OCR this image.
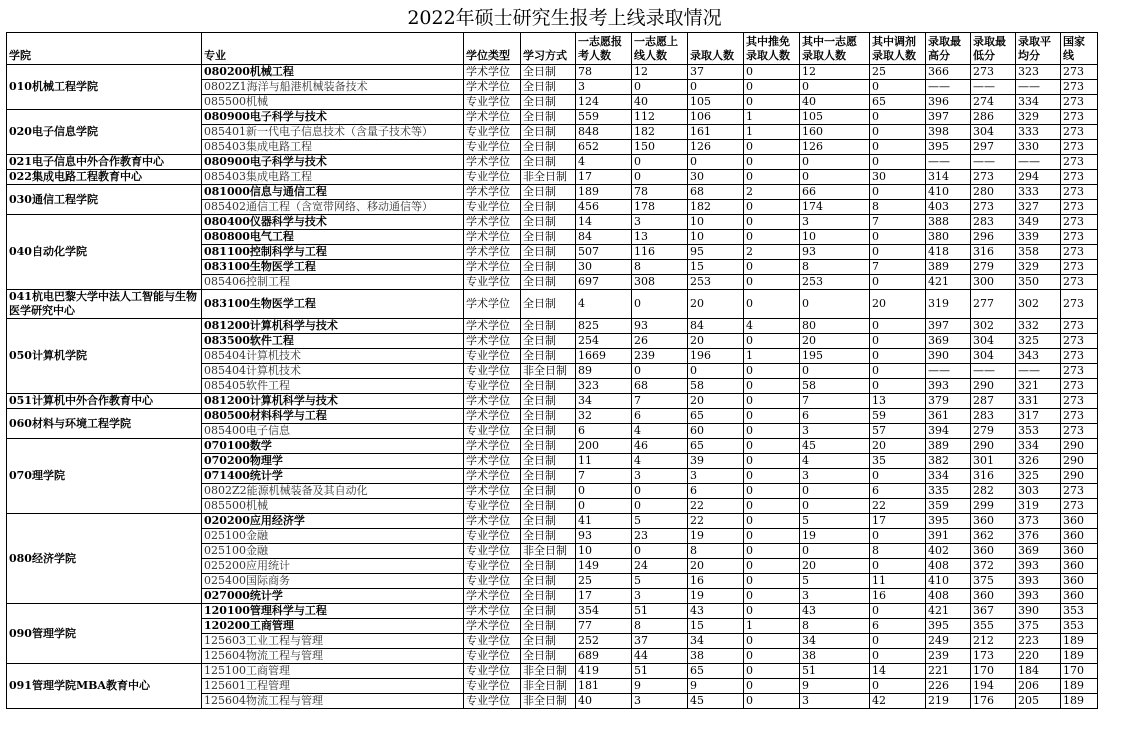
2022年硕士研究生报考上线录取情况
学院	专业	学位类型	学习方式	一志愿报考人数	一志愿上线人数	录取人数	其中推免录取人数	其中一志愿录取人数	其中调剂录取人数	录取最高分	录取最低分	录取平均分	国家线
010机械工程学院	080200机械工程	学术学位	全日制	78	12	37	0	12	25	366	273	323	273
	0802Z1海洋与船港机械装备技术	学术学位	全日制	3	0	0	0	0	0	——	——	——	273
	085500机械	专业学位	全日制	124	40	105	0	40	65	396	274	334	273
020电子信息学院	080900电子科学与技术	学术学位	全日制	559	112	106	1	105	0	397	286	329	273
	085401新一代电子信息技术（含量子技术等）	专业学位	全日制	848	182	161	1	160	0	398	304	333	273
	085403集成电路工程	专业学位	全日制	652	150	126	0	126	0	395	297	330	273
021电子信息中外合作教育中心	080900电子科学与技术	学术学位	全日制	4	0	0	0	0	0	——	——	——	273
022集成电路工程教育中心	085403集成电路工程	专业学位	非全日制	17	0	30	0	0	30	314	273	294	273
030通信工程学院	081000信息与通信工程	学术学位	全日制	189	78	68	2	66	0	410	280	333	273
	085402通信工程（含宽带网络、移动通信等）	专业学位	全日制	456	178	182	0	174	8	403	273	327	273
040自动化学院	080400仪器科学与技术	学术学位	全日制	14	3	10	0	3	7	388	283	349	273
	080800电气工程	学术学位	全日制	84	13	10	0	10	0	380	296	339	273
	081100控制科学与工程	学术学位	全日制	507	116	95	2	93	0	418	316	358	273
	083100生物医学工程	学术学位	全日制	30	8	15	0	8	7	389	279	329	273
	085406控制工程	专业学位	全日制	697	308	253	0	253	0	421	300	350	273
041杭电巴黎大学中法人工智能与生物医学研究中心	083100生物医学工程	学术学位	全日制	4	0	20	0	0	20	319	277	302	273
050计算机学院	081200计算机科学与技术	学术学位	全日制	825	93	84	4	80	0	397	302	332	273
	083500软件工程	学术学位	全日制	254	26	20	0	20	0	369	304	325	273
	085404计算机技术	专业学位	全日制	1669	239	196	1	195	0	390	304	343	273
	085404计算机技术	专业学位	非全日制	89	0	0	0	0	0	——	——	——	273
	085405软件工程	专业学位	全日制	323	68	58	0	58	0	393	290	321	273
051计算机中外合作教育中心	081200计算机科学与技术	学术学位	全日制	34	7	20	0	7	13	379	287	331	273
060材料与环境工程学院	080500材料科学与工程	学术学位	全日制	32	6	65	0	6	59	361	283	317	273
	085400电子信息	专业学位	全日制	6	4	60	0	3	57	394	279	353	273
070理学院	070100数学	学术学位	全日制	200	46	65	0	45	20	389	290	334	290
	070200物理学	学术学位	全日制	11	4	39	0	4	35	382	301	326	290
	071400统计学	学术学位	全日制	7	3	3	0	3	0	334	316	325	290
	0802Z2能源机械装备及其自动化	学术学位	全日制	0	0	6	0	0	6	335	282	303	273
	085500机械	专业学位	全日制	0	0	22	0	0	22	359	299	319	273
080经济学院	020200应用经济学	学术学位	全日制	41	5	22	0	5	17	395	360	373	360
	025100金融	专业学位	全日制	93	23	19	0	19	0	391	362	376	360
	025100金融	专业学位	非全日制	10	0	8	0	0	8	402	360	369	360
	025200应用统计	专业学位	全日制	149	24	20	0	20	0	408	372	393	360
	025400国际商务	专业学位	全日制	25	5	16	0	5	11	410	375	393	360
	027000统计学	学术学位	全日制	17	3	19	0	3	16	408	360	393	360
090管理学院	120100管理科学与工程	学术学位	全日制	354	51	43	0	43	0	421	367	390	353
	120200工商管理	学术学位	全日制	77	8	15	1	8	6	395	355	375	353
	125603工业工程与管理	专业学位	全日制	252	37	34	0	34	0	249	212	223	189
	125604物流工程与管理	专业学位	全日制	689	44	38	0	38	0	239	173	220	189
091管理学院MBA教育中心	125100工商管理	专业学位	非全日制	419	51	65	0	51	14	221	170	184	170
	125601工程管理	专业学位	非全日制	181	9	9	0	9	0	226	194	206	189
	125604物流工程与管理	专业学位	非全日制	40	3	45	0	3	42	219	176	205	189
